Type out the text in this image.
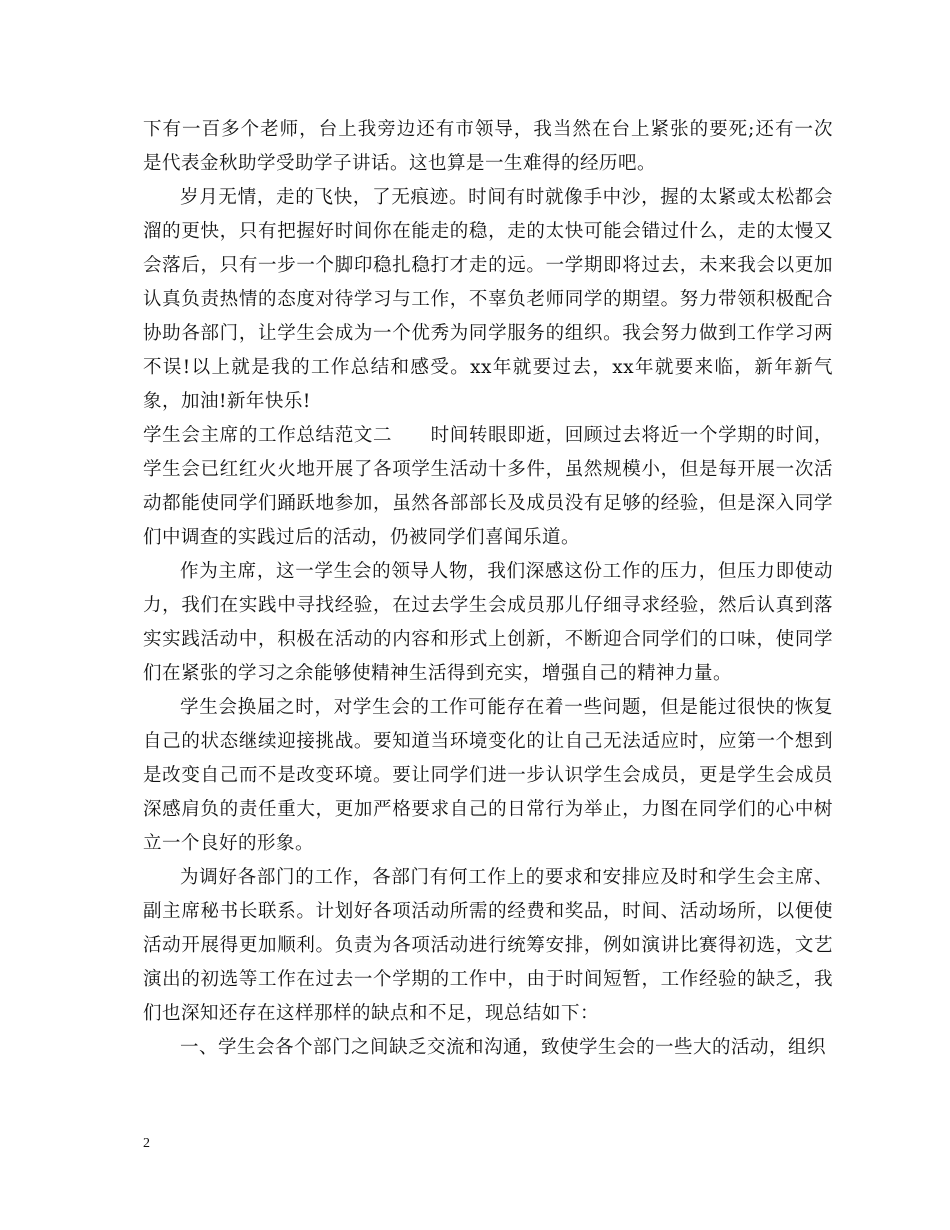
下有一百多个老师，台上我旁边还有市领导，我当然在台上紧张的要死;还有一次是代表金秋助学受助学子讲话。这也算是一生难得的经历吧。

岁月无情，走的飞快，了无痕迹。时间有时就像手中沙，握的太紧或太松都会溜的更快，只有把握好时间你在能走的稳，走的太快可能会错过什么，走的太慢又会落后，只有一步一个脚印稳扎稳打才走的远。一学期即将过去，未来我会以更加认真负责热情的态度对待学习与工作，不辜负老师同学的期望。努力带领积极配合协助各部门，让学生会成为一个优秀为同学服务的组织。我会努力做到工作学习两不误!以上就是我的工作总结和感受。xx年就要过去，xx年就要来临，新年新气象，加油!新年快乐!

学生会主席的工作总结范文二　　时间转眼即逝，回顾过去将近一个学期的时间，学生会已红红火火地开展了各项学生活动十多件，虽然规模小，但是每开展一次活动都能使同学们踊跃地参加，虽然各部部长及成员没有足够的经验，但是深入同学们中调查的实践过后的活动，仍被同学们喜闻乐道。

作为主席，这一学生会的领导人物，我们深感这份工作的压力，但压力即使动力，我们在实践中寻找经验，在过去学生会成员那儿仔细寻求经验，然后认真到落实实践活动中，积极在活动的内容和形式上创新，不断迎合同学们的口味，使同学们在紧张的学习之余能够使精神生活得到充实，增强自己的精神力量。

学生会换届之时，对学生会的工作可能存在着一些问题，但是能过很快的恢复自己的状态继续迎接挑战。要知道当环境变化的让自己无法适应时，应第一个想到是改变自己而不是改变环境。要让同学们进一步认识学生会成员，更是学生会成员深感肩负的责任重大，更加严格要求自己的日常行为举止，力图在同学们的心中树立一个良好的形象。

为调好各部门的工作，各部门有何工作上的要求和安排应及时和学生会主席、副主席秘书长联系。计划好各项活动所需的经费和奖品，时间、活动场所，以便使活动开展得更加顺利。负责为各项活动进行统筹安排，例如演讲比赛得初选，文艺演出的初选等工作在过去一个学期的工作中，由于时间短暂，工作经验的缺乏，我们也深知还存在这样那样的缺点和不足，现总结如下：

一、学生会各个部门之间缺乏交流和沟通，致使学生会的一些大的活动，组织

2
